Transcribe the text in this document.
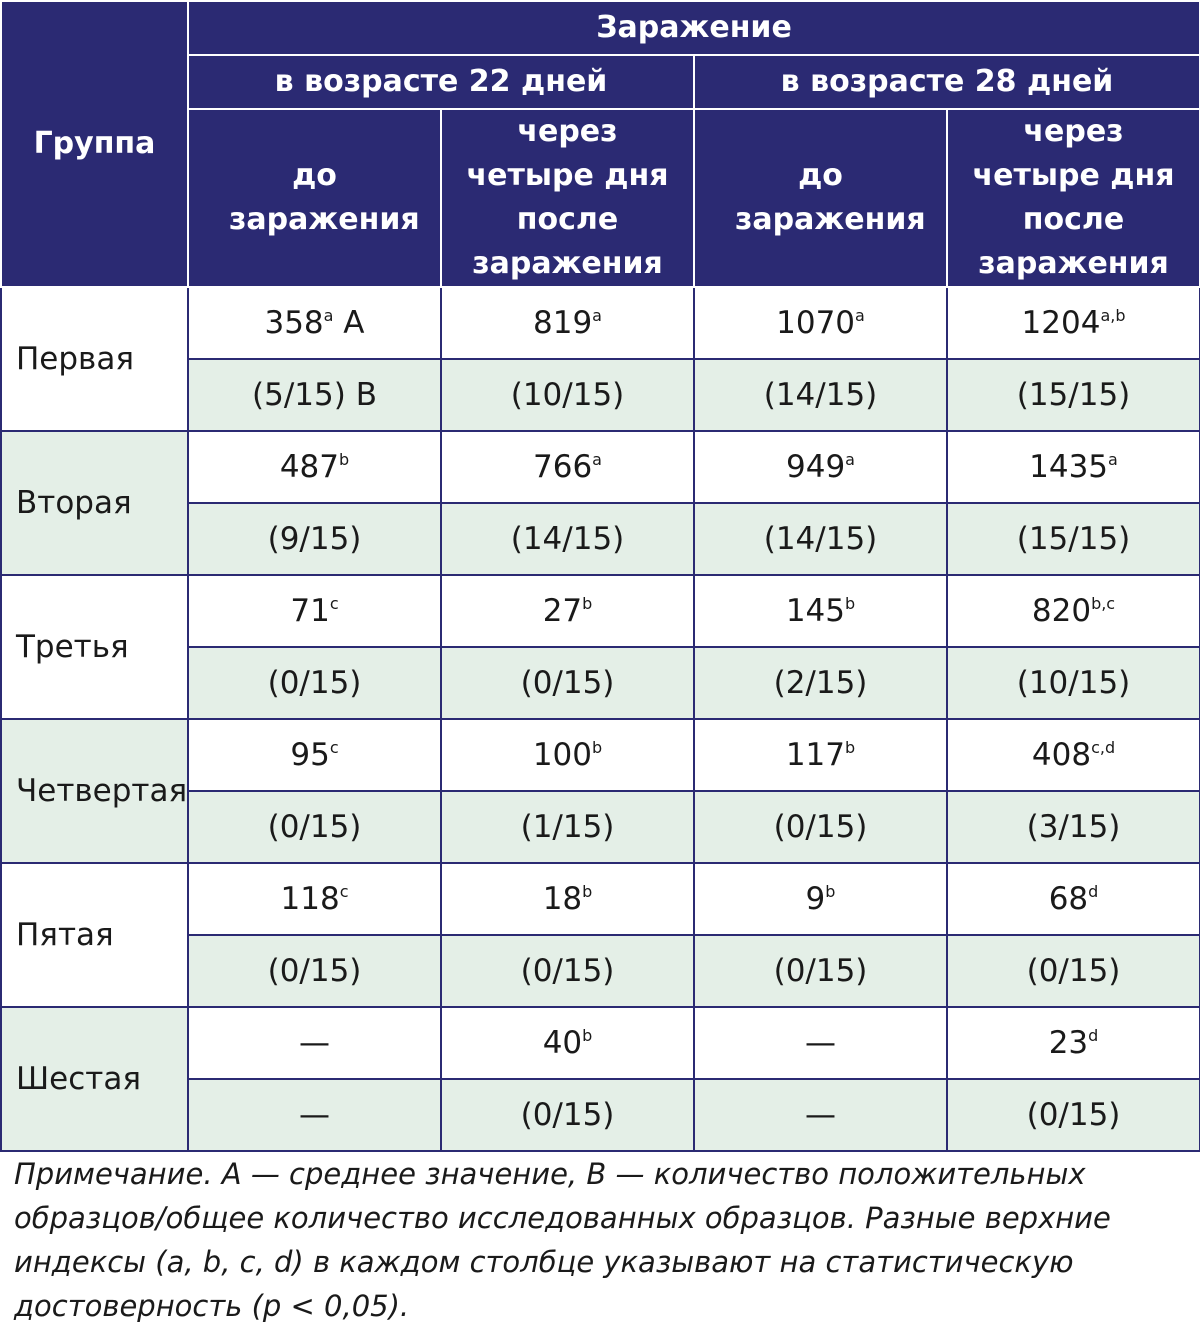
Группа	Заражение			
	в возрасте 22 дней		в возрасте 28 дней	
	до заражения	через четыре дня после заражения	до заражения	через четыре дня после заражения
Первая	358$^a$ A	819$^a$	1070$^a$	1204$^{a,b}$
	(5/15) B	(10/15)	(14/15)	(15/15)
Вторая	487$^b$	766$^a$	949$^a$	1435$^a$
	(9/15)	(14/15)	(14/15)	(15/15)
Третья	71$^c$	27$^b$	145$^b$	820$^{b,c}$
	(0/15)	(0/15)	(2/15)	(10/15)
Четвертая	95$^c$	100$^b$	117$^b$	408$^{c,d}$
	(0/15)	(1/15)	(0/15)	(3/15)
Пятая	118$^c$	18$^b$	9$^b$	68$^d$
	(0/15)	(0/15)	(0/15)	(0/15)
Шестая	—	40$^b$	—	23$^d$
	—	(0/15)	—	(0/15)
Примечание. A — среднее значение, B — количество положительных образцов/общее количество исследованных образцов. Разные верхние индексы (a, b, c, d) в каждом столбце указывают на статистическую достоверность (p < 0,05).
